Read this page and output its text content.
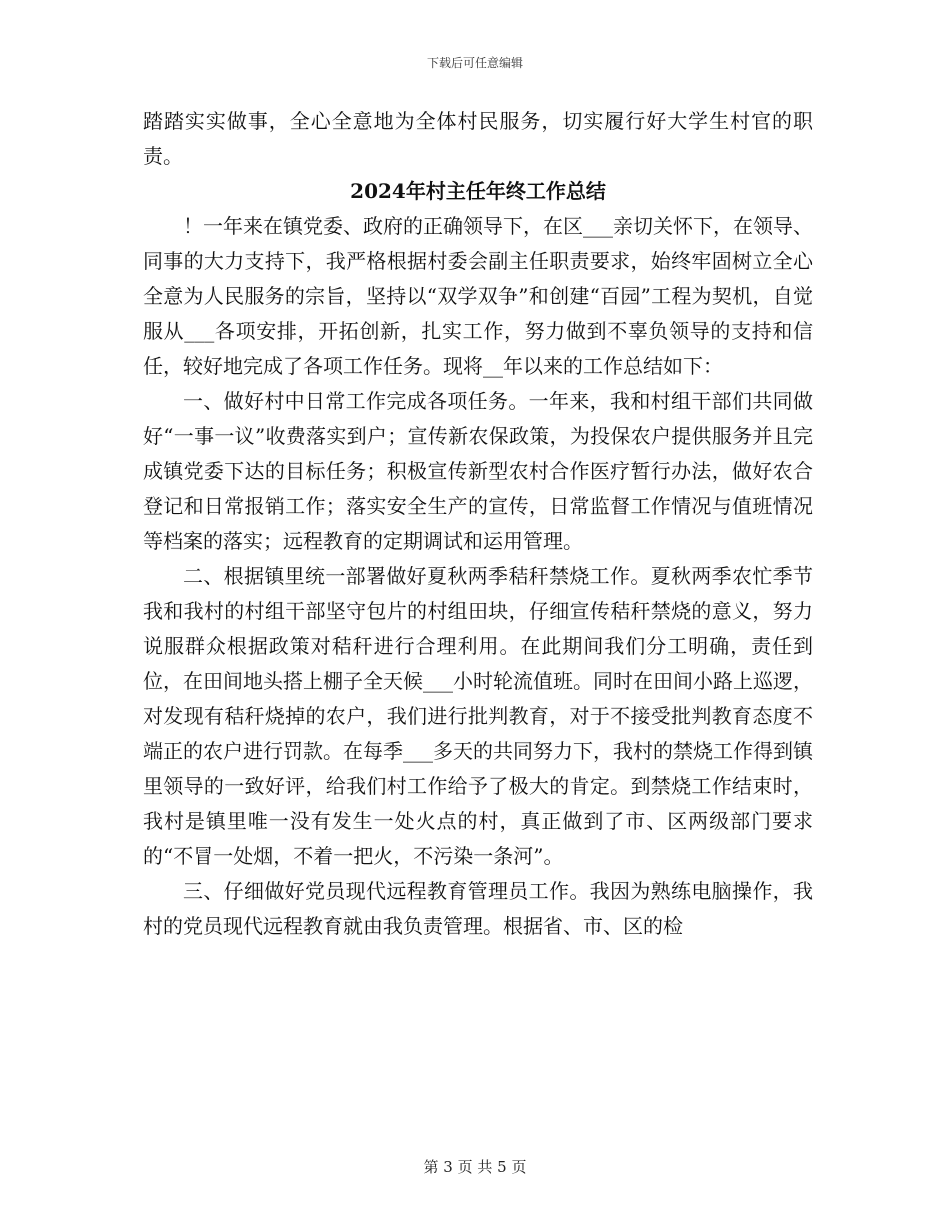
下载后可任意编辑

踏踏实实做事，全心全意地为全体村民服务，切实履行好大学生村官的职责。

2024年村主任年终工作总结

！一年来在镇党委、政府的正确领导下，在区___亲切关怀下，在领导、同事的大力支持下，我严格根据村委会副主任职责要求，始终牢固树立全心全意为人民服务的宗旨，坚持以“双学双争”和创建“百园”工程为契机，自觉服从___各项安排，开拓创新，扎实工作，努力做到不辜负领导的支持和信任，较好地完成了各项工作任务。现将__年以来的工作总结如下：

一、做好村中日常工作完成各项任务。一年来，我和村组干部们共同做好“一事一议”收费落实到户；宣传新农保政策，为投保农户提供服务并且完成镇党委下达的目标任务；积极宣传新型农村合作医疗暂行办法，做好农合登记和日常报销工作；落实安全生产的宣传，日常监督工作情况与值班情况等档案的落实；远程教育的定期调试和运用管理。

二、根据镇里统一部署做好夏秋两季秸秆禁烧工作。夏秋两季农忙季节我和我村的村组干部坚守包片的村组田块，仔细宣传秸秆禁烧的意义，努力说服群众根据政策对秸秆进行合理利用。在此期间我们分工明确，责任到位，在田间地头搭上棚子全天候___小时轮流值班。同时在田间小路上巡逻，对发现有秸秆烧掉的农户，我们进行批判教育，对于不接受批判教育态度不端正的农户进行罚款。在每季___多天的共同努力下，我村的禁烧工作得到镇里领导的一致好评，给我们村工作给予了极大的肯定。到禁烧工作结束时，我村是镇里唯一没有发生一处火点的村，真正做到了市、区两级部门要求的“不冒一处烟，不着一把火，不污染一条河”。

三、仔细做好党员现代远程教育管理员工作。我因为熟练电脑操作，我村的党员现代远程教育就由我负责管理。根据省、市、区的检

第 3 页 共 5 页
